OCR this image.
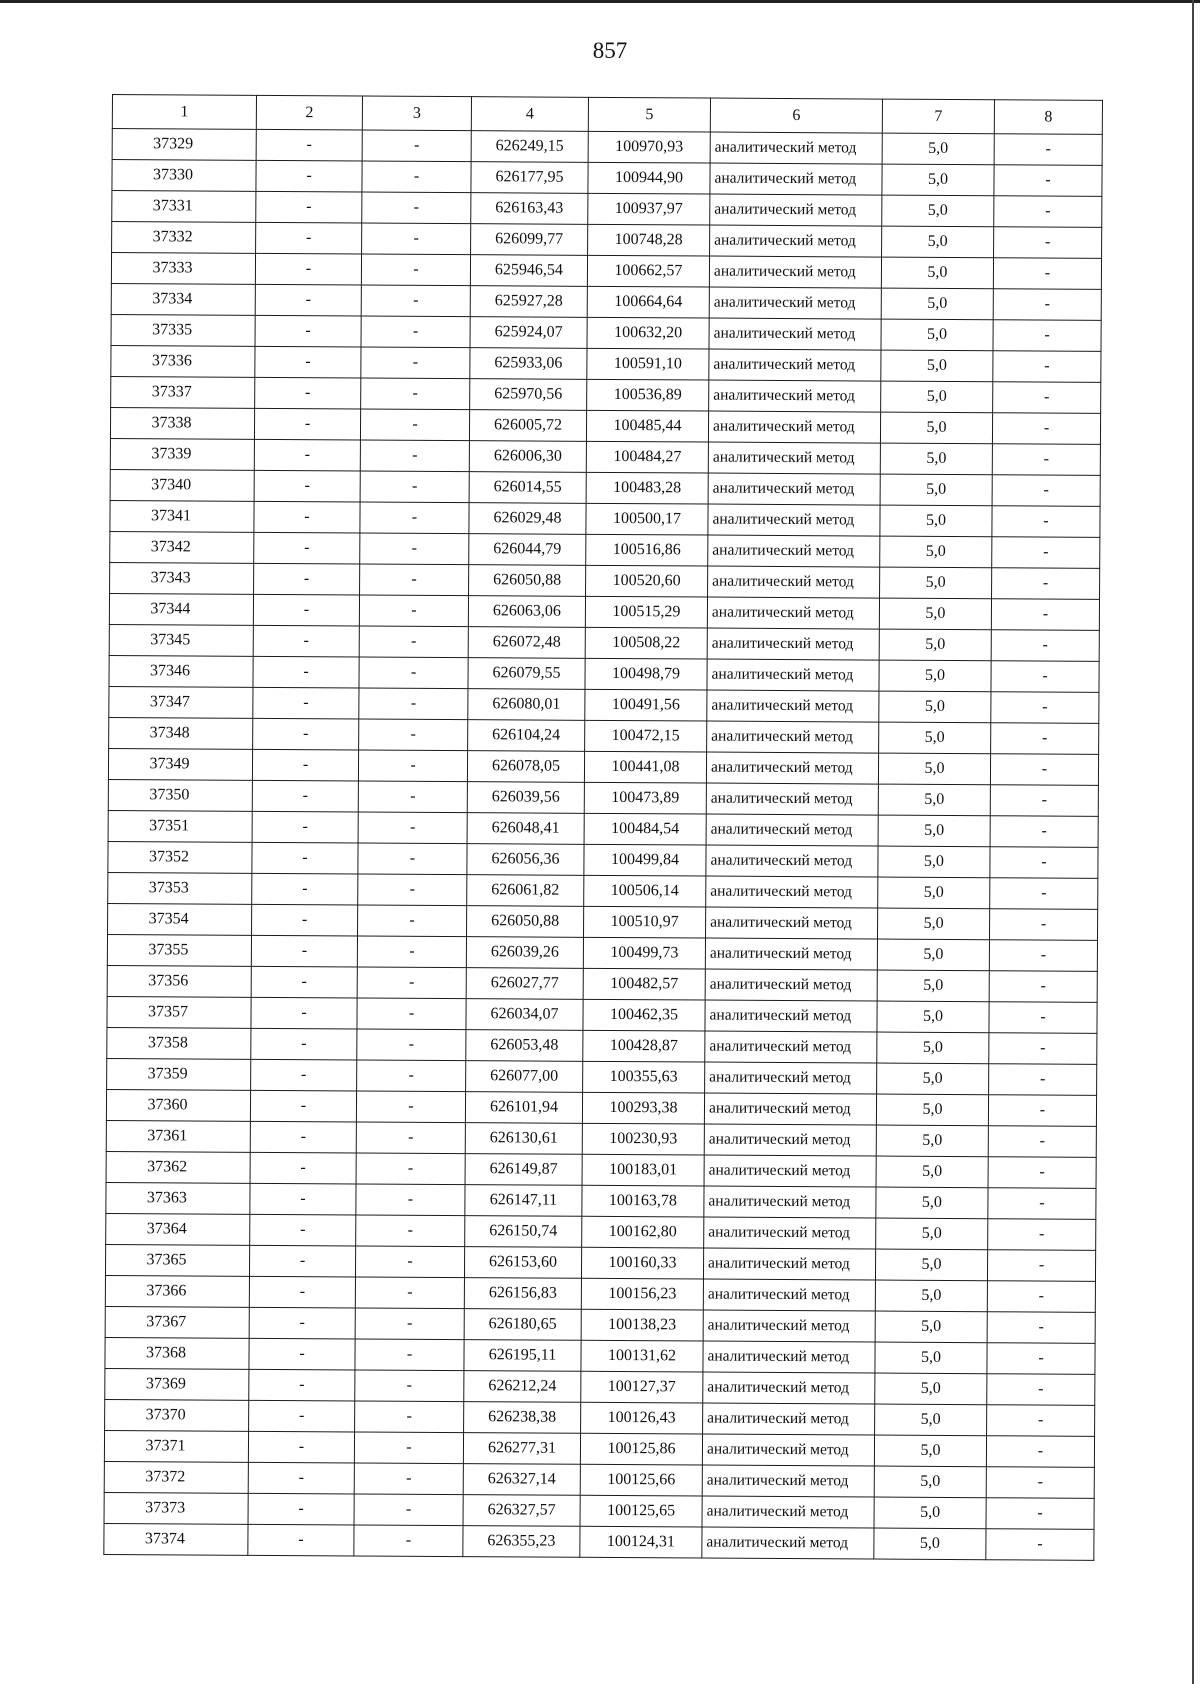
857
1	2	3	4	5	6	7	8
37329	-	-	626249,15	100970,93	аналитический метод	5,0	-
37330	-	-	626177,95	100944,90	аналитический метод	5,0	-
37331	-	-	626163,43	100937,97	аналитический метод	5,0	-
37332	-	-	626099,77	100748,28	аналитический метод	5,0	-
37333	-	-	625946,54	100662,57	аналитический метод	5,0	-
37334	-	-	625927,28	100664,64	аналитический метод	5,0	-
37335	-	-	625924,07	100632,20	аналитический метод	5,0	-
37336	-	-	625933,06	100591,10	аналитический метод	5,0	-
37337	-	-	625970,56	100536,89	аналитический метод	5,0	-
37338	-	-	626005,72	100485,44	аналитический метод	5,0	-
37339	-	-	626006,30	100484,27	аналитический метод	5,0	-
37340	-	-	626014,55	100483,28	аналитический метод	5,0	-
37341	-	-	626029,48	100500,17	аналитический метод	5,0	-
37342	-	-	626044,79	100516,86	аналитический метод	5,0	-
37343	-	-	626050,88	100520,60	аналитический метод	5,0	-
37344	-	-	626063,06	100515,29	аналитический метод	5,0	-
37345	-	-	626072,48	100508,22	аналитический метод	5,0	-
37346	-	-	626079,55	100498,79	аналитический метод	5,0	-
37347	-	-	626080,01	100491,56	аналитический метод	5,0	-
37348	-	-	626104,24	100472,15	аналитический метод	5,0	-
37349	-	-	626078,05	100441,08	аналитический метод	5,0	-
37350	-	-	626039,56	100473,89	аналитический метод	5,0	-
37351	-	-	626048,41	100484,54	аналитический метод	5,0	-
37352	-	-	626056,36	100499,84	аналитический метод	5,0	-
37353	-	-	626061,82	100506,14	аналитический метод	5,0	-
37354	-	-	626050,88	100510,97	аналитический метод	5,0	-
37355	-	-	626039,26	100499,73	аналитический метод	5,0	-
37356	-	-	626027,77	100482,57	аналитический метод	5,0	-
37357	-	-	626034,07	100462,35	аналитический метод	5,0	-
37358	-	-	626053,48	100428,87	аналитический метод	5,0	-
37359	-	-	626077,00	100355,63	аналитический метод	5,0	-
37360	-	-	626101,94	100293,38	аналитический метод	5,0	-
37361	-	-	626130,61	100230,93	аналитический метод	5,0	-
37362	-	-	626149,87	100183,01	аналитический метод	5,0	-
37363	-	-	626147,11	100163,78	аналитический метод	5,0	-
37364	-	-	626150,74	100162,80	аналитический метод	5,0	-
37365	-	-	626153,60	100160,33	аналитический метод	5,0	-
37366	-	-	626156,83	100156,23	аналитический метод	5,0	-
37367	-	-	626180,65	100138,23	аналитический метод	5,0	-
37368	-	-	626195,11	100131,62	аналитический метод	5,0	-
37369	-	-	626212,24	100127,37	аналитический метод	5,0	-
37370	-	-	626238,38	100126,43	аналитический метод	5,0	-
37371	-	-	626277,31	100125,86	аналитический метод	5,0	-
37372	-	-	626327,14	100125,66	аналитический метод	5,0	-
37373	-	-	626327,57	100125,65	аналитический метод	5,0	-
37374	-	-	626355,23	100124,31	аналитический метод	5,0	-
